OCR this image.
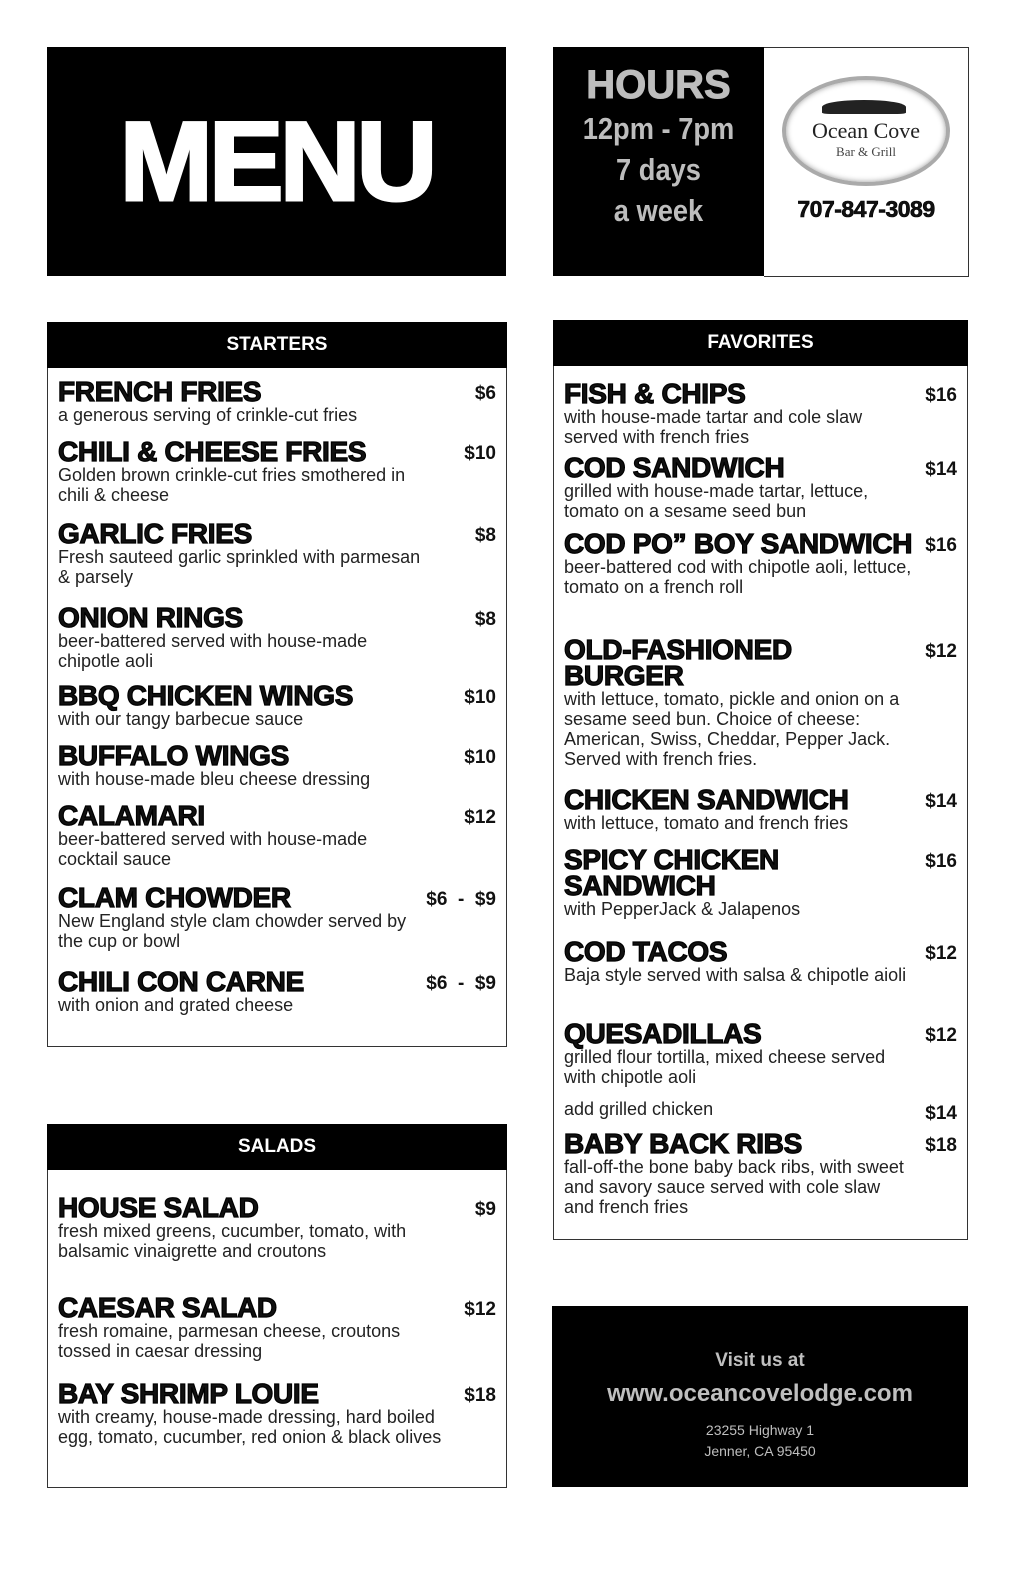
MENU
HOURS
12pm - 7pm
7 days
a week
Ocean Cove
Bar & Grill
707-847-3089
STARTERS
FRENCH FRIES
a generous serving of crinkle-cut fries
$6
CHILI & CHEESE FRIES
Golden brown crinkle-cut fries smothered in chili & cheese
$10
GARLIC FRIES
Fresh sauteed garlic sprinkled with parmesan & parsely
$8
ONION RINGS
beer-battered served with house-made chipotle aoli
$8
BBQ CHICKEN WINGS
with our tangy barbecue sauce
$10
BUFFALO WINGS
with house-made bleu cheese dressing
$10
CALAMARI
beer-battered served with house-made cocktail sauce
$12
CLAM CHOWDER
New England style clam chowder served by the cup or bowl
$6  -  $9
CHILI CON CARNE
with onion and grated cheese
$6  -  $9
FAVORITES
FISH & CHIPS
with house-made tartar and cole slaw served with french fries
$16
COD SANDWICH
grilled with house-made tartar, lettuce, tomato on a sesame seed bun
$14
COD PO” BOY SANDWICH
beer-battered cod with chipotle aoli, lettuce, tomato on a french roll
$16
OLD-FASHIONED BURGER
with lettuce, tomato, pickle and onion on a sesame seed bun. Choice of cheese: American, Swiss, Cheddar, Pepper Jack. Served with french fries.
$12
CHICKEN SANDWICH
with lettuce, tomato and french fries
$14
SPICY CHICKEN SANDWICH
with PepperJack & Jalapenos
$16
COD TACOS
Baja style served with salsa & chipotle aioli
$12
QUESADILLAS
grilled flour tortilla, mixed cheese served with chipotle aoli
$12
add grilled chicken	$14
BABY BACK RIBS
fall-off-the bone baby back ribs, with sweet and savory sauce served with cole slaw and french fries
$18
SALADS
HOUSE SALAD
fresh mixed greens, cucumber, tomato, with balsamic vinaigrette and croutons
$9
CAESAR SALAD
fresh romaine, parmesan cheese, croutons tossed in caesar dressing
$12
BAY SHRIMP LOUIE
with creamy, house-made dressing, hard boiled egg, tomato, cucumber, red onion & black olives
$18
Visit us at
www.oceancovelodge.com
23255 Highway 1
Jenner, CA 95450
